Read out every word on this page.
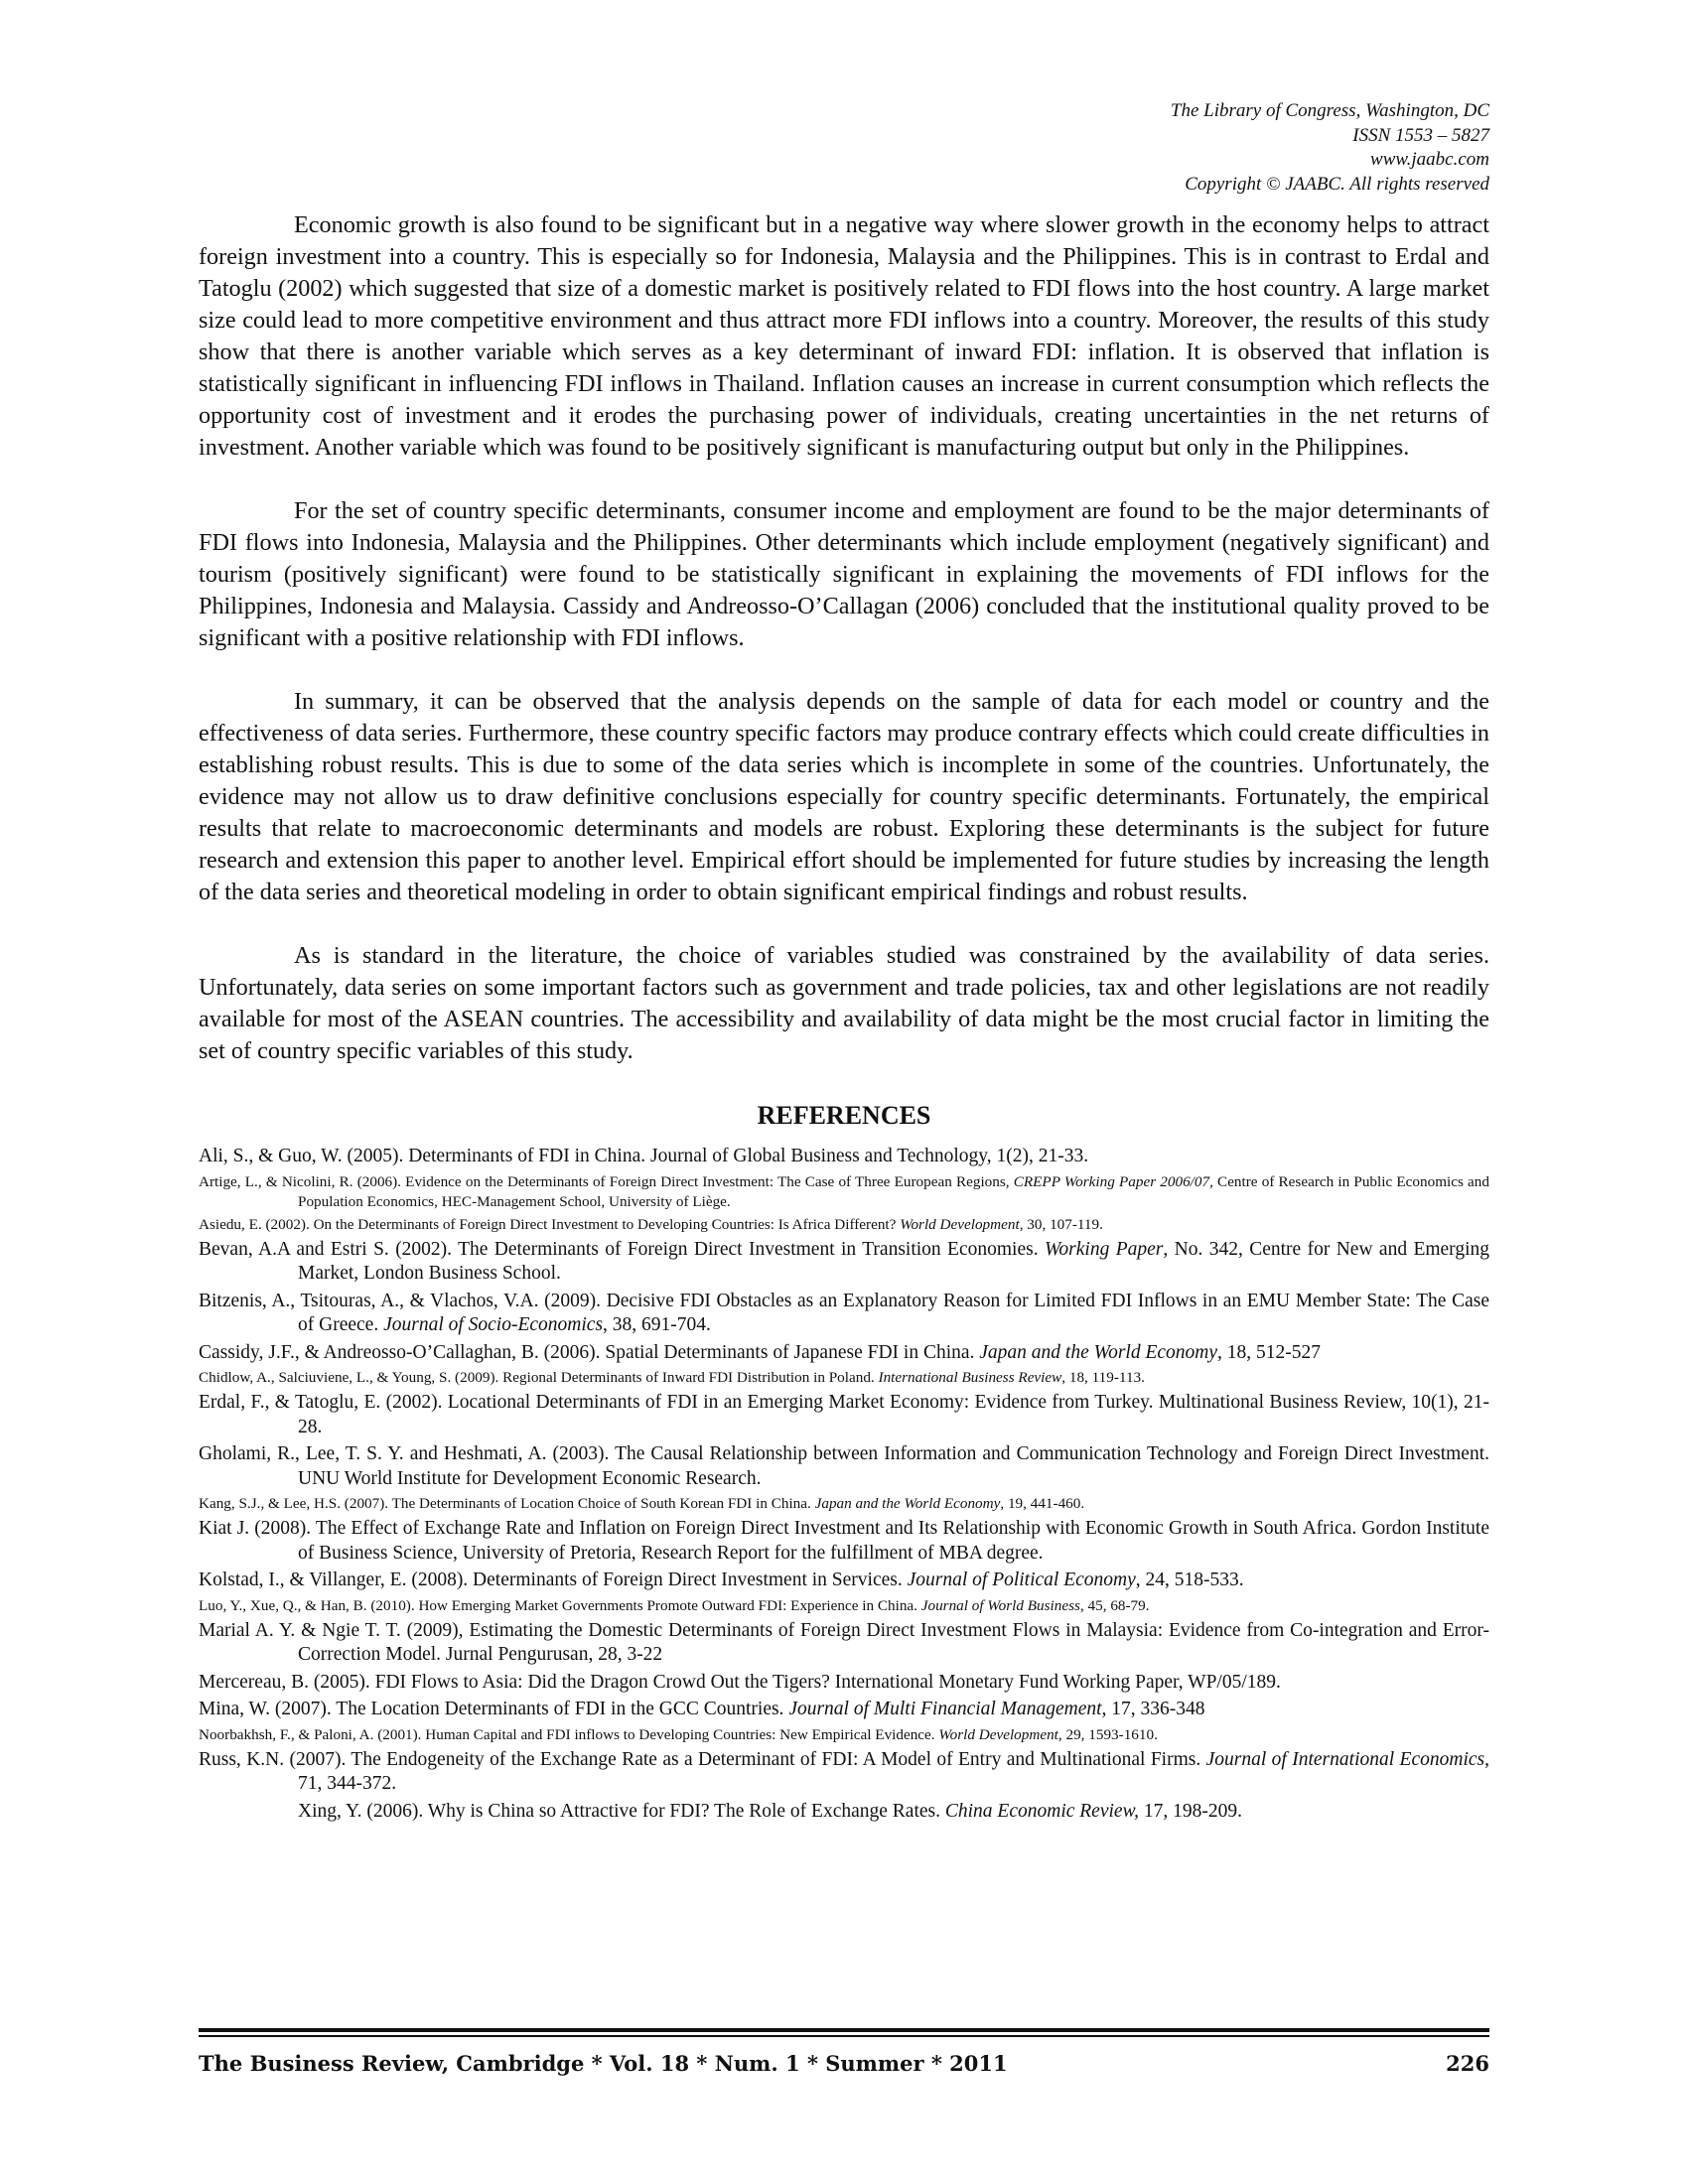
The Library of Congress, Washington, DC
ISSN 1553 – 5827
www.jaabc.com
Copyright © JAABC. All rights reserved

Economic growth is also found to be significant but in a negative way where slower growth in the economy helps to attract foreign investment into a country. This is especially so for Indonesia, Malaysia and the Philippines. This is in contrast to Erdal and Tatoglu (2002) which suggested that size of a domestic market is positively related to FDI flows into the host country. A large market size could lead to more competitive environment and thus attract more FDI inflows into a country. Moreover, the results of this study show that there is another variable which serves as a key determinant of inward FDI: inflation. It is observed that inflation is statistically significant in influencing FDI inflows in Thailand. Inflation causes an increase in current consumption which reflects the opportunity cost of investment and it erodes the purchasing power of individuals, creating uncertainties in the net returns of investment. Another variable which was found to be positively significant is manufacturing output but only in the Philippines.

For the set of country specific determinants, consumer income and employment are found to be the major determinants of FDI flows into Indonesia, Malaysia and the Philippines. Other determinants which include employment (negatively significant) and tourism (positively significant) were found to be statistically significant in explaining the movements of FDI inflows for the Philippines, Indonesia and Malaysia. Cassidy and Andreosso-O’Callagan (2006) concluded that the institutional quality proved to be significant with a positive relationship with FDI inflows.

In summary, it can be observed that the analysis depends on the sample of data for each model or country and the effectiveness of data series. Furthermore, these country specific factors may produce contrary effects which could create difficulties in establishing robust results. This is due to some of the data series which is incomplete in some of the countries. Unfortunately, the evidence may not allow us to draw definitive conclusions especially for country specific determinants. Fortunately, the empirical results that relate to macroeconomic determinants and models are robust. Exploring these determinants is the subject for future research and extension this paper to another level. Empirical effort should be implemented for future studies by increasing the length of the data series and theoretical modeling in order to obtain significant empirical findings and robust results.

As is standard in the literature, the choice of variables studied was constrained by the availability of data series. Unfortunately, data series on some important factors such as government and trade policies, tax and other legislations are not readily available for most of the ASEAN countries. The accessibility and availability of data might be the most crucial factor in limiting the set of country specific variables of this study.

REFERENCES
Ali, S., & Guo, W. (2005). Determinants of FDI in China. Journal of Global Business and Technology, 1(2), 21-33.
Artige, L., & Nicolini, R. (2006). Evidence on the Determinants of Foreign Direct Investment: The Case of Three European Regions, CREPP Working Paper 2006/07, Centre of Research in Public Economics and Population Economics, HEC-Management School, University of Liège.
Asiedu, E. (2002). On the Determinants of Foreign Direct Investment to Developing Countries: Is Africa Different? World Development, 30, 107-119.
Bevan, A.A and Estri S. (2002). The Determinants of Foreign Direct Investment in Transition Economies. Working Paper, No. 342, Centre for New and Emerging Market, London Business School.
Bitzenis, A., Tsitouras, A., & Vlachos, V.A. (2009). Decisive FDI Obstacles as an Explanatory Reason for Limited FDI Inflows in an EMU Member State: The Case of Greece. Journal of Socio-Economics, 38, 691-704.
Cassidy, J.F., & Andreosso-O’Callaghan, B. (2006). Spatial Determinants of Japanese FDI in China. Japan and the World Economy, 18, 512-527
Chidlow, A., Salciuviene, L., & Young, S. (2009). Regional Determinants of Inward FDI Distribution in Poland. International Business Review, 18, 119-113.
Erdal, F., & Tatoglu, E. (2002). Locational Determinants of FDI in an Emerging Market Economy: Evidence from Turkey. Multinational Business Review, 10(1), 21-28.
Gholami, R., Lee, T. S. Y. and Heshmati, A. (2003). The Causal Relationship between Information and Communication Technology and Foreign Direct Investment. UNU World Institute for Development Economic Research.
Kang, S.J., & Lee, H.S. (2007). The Determinants of Location Choice of South Korean FDI in China. Japan and the World Economy, 19, 441-460.
Kiat J. (2008). The Effect of Exchange Rate and Inflation on Foreign Direct Investment and Its Relationship with Economic Growth in South Africa. Gordon Institute of Business Science, University of Pretoria, Research Report for the fulfillment of MBA degree.
Kolstad, I., & Villanger, E. (2008). Determinants of Foreign Direct Investment in Services. Journal of Political Economy, 24, 518-533.
Luo, Y., Xue, Q., & Han, B. (2010). How Emerging Market Governments Promote Outward FDI: Experience in China. Journal of World Business, 45, 68-79.
Marial A. Y. & Ngie T. T. (2009), Estimating the Domestic Determinants of Foreign Direct Investment Flows in Malaysia: Evidence from Co-integration and Error-Correction Model. Jurnal Pengurusan, 28, 3-22
Mercereau, B. (2005). FDI Flows to Asia: Did the Dragon Crowd Out the Tigers? International Monetary Fund Working Paper, WP/05/189.
Mina, W. (2007). The Location Determinants of FDI in the GCC Countries. Journal of Multi Financial Management, 17, 336-348
Noorbakhsh, F., & Paloni, A. (2001). Human Capital and FDI inflows to Developing Countries: New Empirical Evidence. World Development, 29, 1593-1610.
Russ, K.N. (2007). The Endogeneity of the Exchange Rate as a Determinant of FDI: A Model of Entry and Multinational Firms. Journal of International Economics, 71, 344-372.
Xing, Y. (2006). Why is China so Attractive for FDI? The Role of Exchange Rates. China Economic Review, 17, 198-209.
The Business Review, Cambridge * Vol. 18 * Num. 1 * Summer * 2011	226
